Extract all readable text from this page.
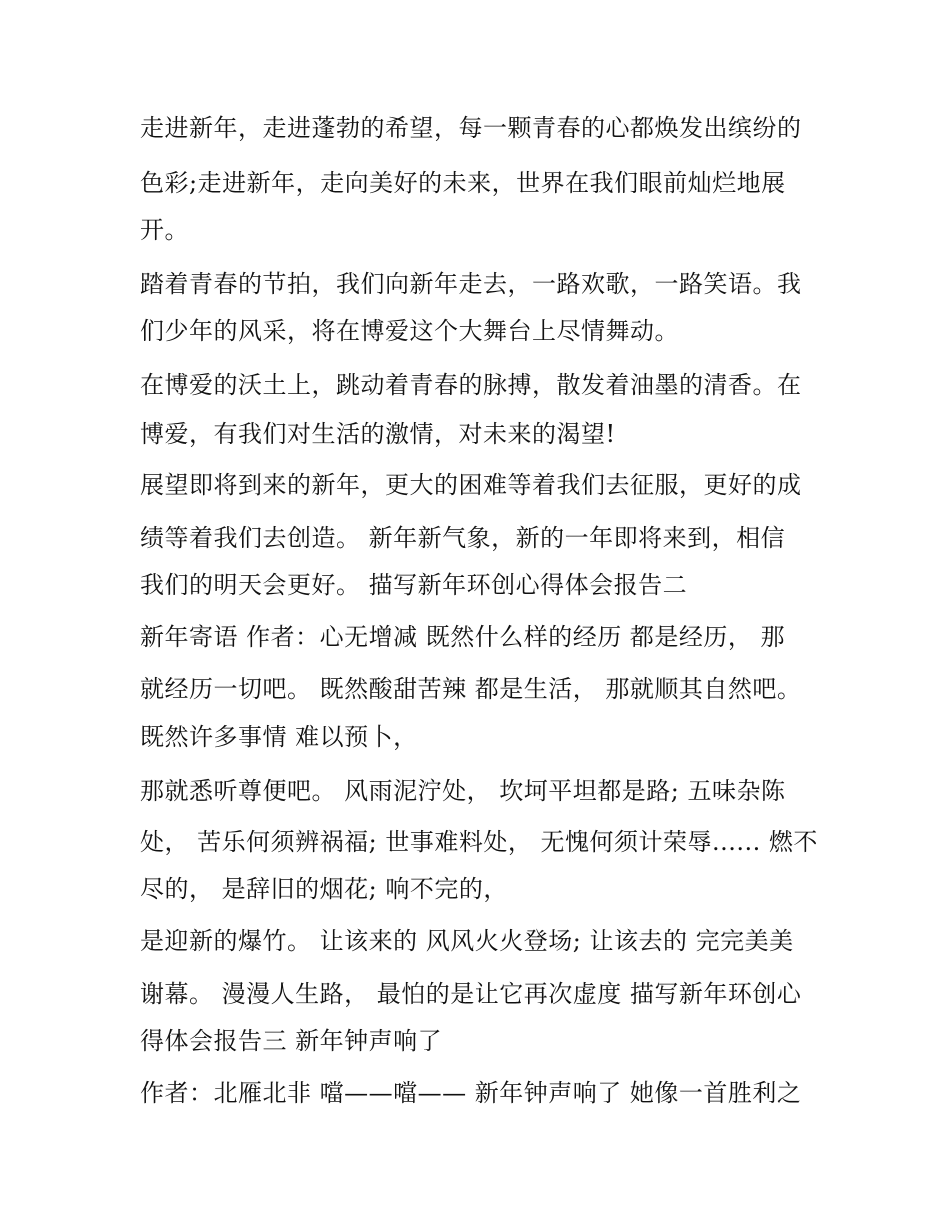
走进新年，走进蓬勃的希望，每一颗青春的心都焕发出缤纷的

色彩;走进新年，走向美好的未来，世界在我们眼前灿烂地展

开。

踏着青春的节拍，我们向新年走去，一路欢歌，一路笑语。我

们少年的风采，将在博爱这个大舞台上尽情舞动。

在博爱的沃土上，跳动着青春的脉搏，散发着油墨的清香。在

博爱，有我们对生活的激情，对未来的渴望!

展望即将到来的新年，更大的困难等着我们去征服，更好的成

绩等着我们去创造。 新年新气象，新的一年即将来到，相信

我们的明天会更好。 描写新年环创心得体会报告二

新年寄语 作者：心无增减 既然什么样的经历 都是经历， 那

就经历一切吧。 既然酸甜苦辣 都是生活， 那就顺其自然吧。

既然许多事情 难以预卜，

那就悉听尊便吧。 风雨泥泞处， 坎坷平坦都是路; 五味杂陈

处， 苦乐何须辨祸福; 世事难料处， 无愧何须计荣辱...... 燃不

尽的， 是辞旧的烟花; 响不完的，

是迎新的爆竹。 让该来的 风风火火登场; 让该去的 完完美美

谢幕。 漫漫人生路， 最怕的是让它再次虚度 描写新年环创心

得体会报告三 新年钟声响了

作者：北雁北非 噹——噹—— 新年钟声响了 她像一首胜利之
